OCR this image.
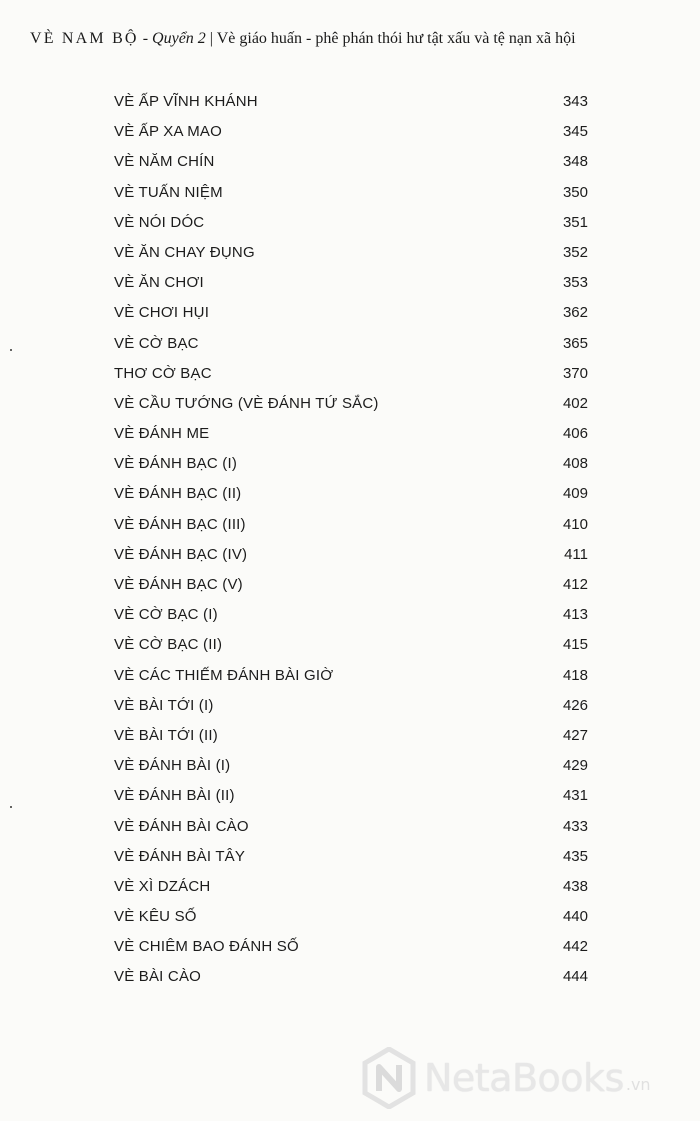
VÈ NAM BỘ - Quyển 2 | Vè giáo huấn - phê phán thói hư tật xấu và tệ nạn xã hội
VÈ ẤP VĨNH KHÁNH	343
VÈ ẤP XA MAO	345
VÈ NĂM CHÍN	348
VÈ TUẤN NIỆM	350
VÈ NÓI DÓC	351
VÈ ĂN CHAY ĐỤNG	352
VÈ ĂN CHƠI	353
VÈ CHƠI HỤI	362
VÈ CỜ BẠC	365
THƠ CỜ BẠC	370
VÈ CẦU TƯỚNG (VÈ ĐÁNH TỨ SẮC)	402
VÈ ĐÁNH ME	406
VÈ ĐÁNH BẠC (I)	408
VÈ ĐÁNH BẠC (II)	409
VÈ ĐÁNH BẠC (III)	410
VÈ ĐÁNH BẠC (IV)	411
VÈ ĐÁNH BẠC (V)	412
VÈ CỜ BẠC (I)	413
VÈ CỜ BẠC (II)	415
VÈ CÁC THIẾM ĐÁNH BÀI GIỜ	418
VÈ BÀI TỚI (I)	426
VÈ BÀI TỚI (II)	427
VÈ ĐÁNH BÀI (I)	429
VÈ ĐÁNH BÀI (II)	431
VÈ ĐÁNH BÀI CÀO	433
VÈ ĐÁNH BÀI TÂY	435
VÈ XÌ DZÁCH	438
VÈ KÊU SỐ	440
VÈ CHIÊM BAO ĐÁNH SỐ	442
VÈ BÀI CÀO	444
NetaBooks .vn
